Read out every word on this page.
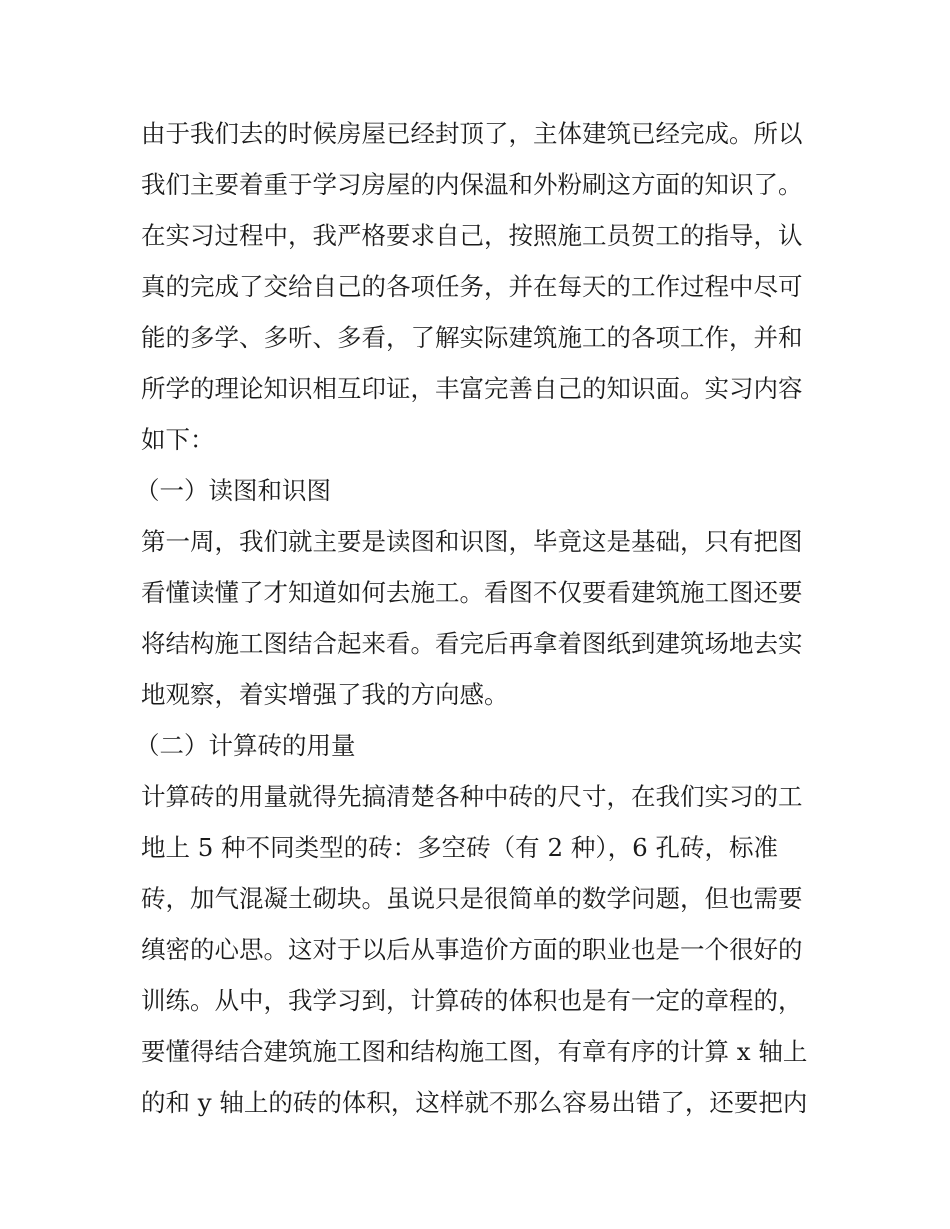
由于我们去的时候房屋已经封顶了，主体建筑已经完成。所以
我们主要着重于学习房屋的内保温和外粉刷这方面的知识了。
在实习过程中，我严格要求自己，按照施工员贺工的指导，认
真的完成了交给自己的各项任务，并在每天的工作过程中尽可
能的多学、多听、多看，了解实际建筑施工的各项工作，并和
所学的理论知识相互印证，丰富完善自己的知识面。实习内容
如下：
（一）读图和识图
第一周，我们就主要是读图和识图，毕竟这是基础，只有把图
看懂读懂了才知道如何去施工。看图不仅要看建筑施工图还要
将结构施工图结合起来看。看完后再拿着图纸到建筑场地去实
地观察，着实增强了我的方向感。
（二）计算砖的用量
计算砖的用量就得先搞清楚各种中砖的尺寸，在我们实习的工
地上 5 种不同类型的砖：多空砖（有 2 种），6 孔砖，标准
砖，加气混凝土砌块。虽说只是很简单的数学问题，但也需要
缜密的心思。这对于以后从事造价方面的职业也是一个很好的
训练。从中，我学习到，计算砖的体积也是有一定的章程的，
要懂得结合建筑施工图和结构施工图，有章有序的计算 x 轴上
的和 y 轴上的砖的体积，这样就不那么容易出错了，还要把内
